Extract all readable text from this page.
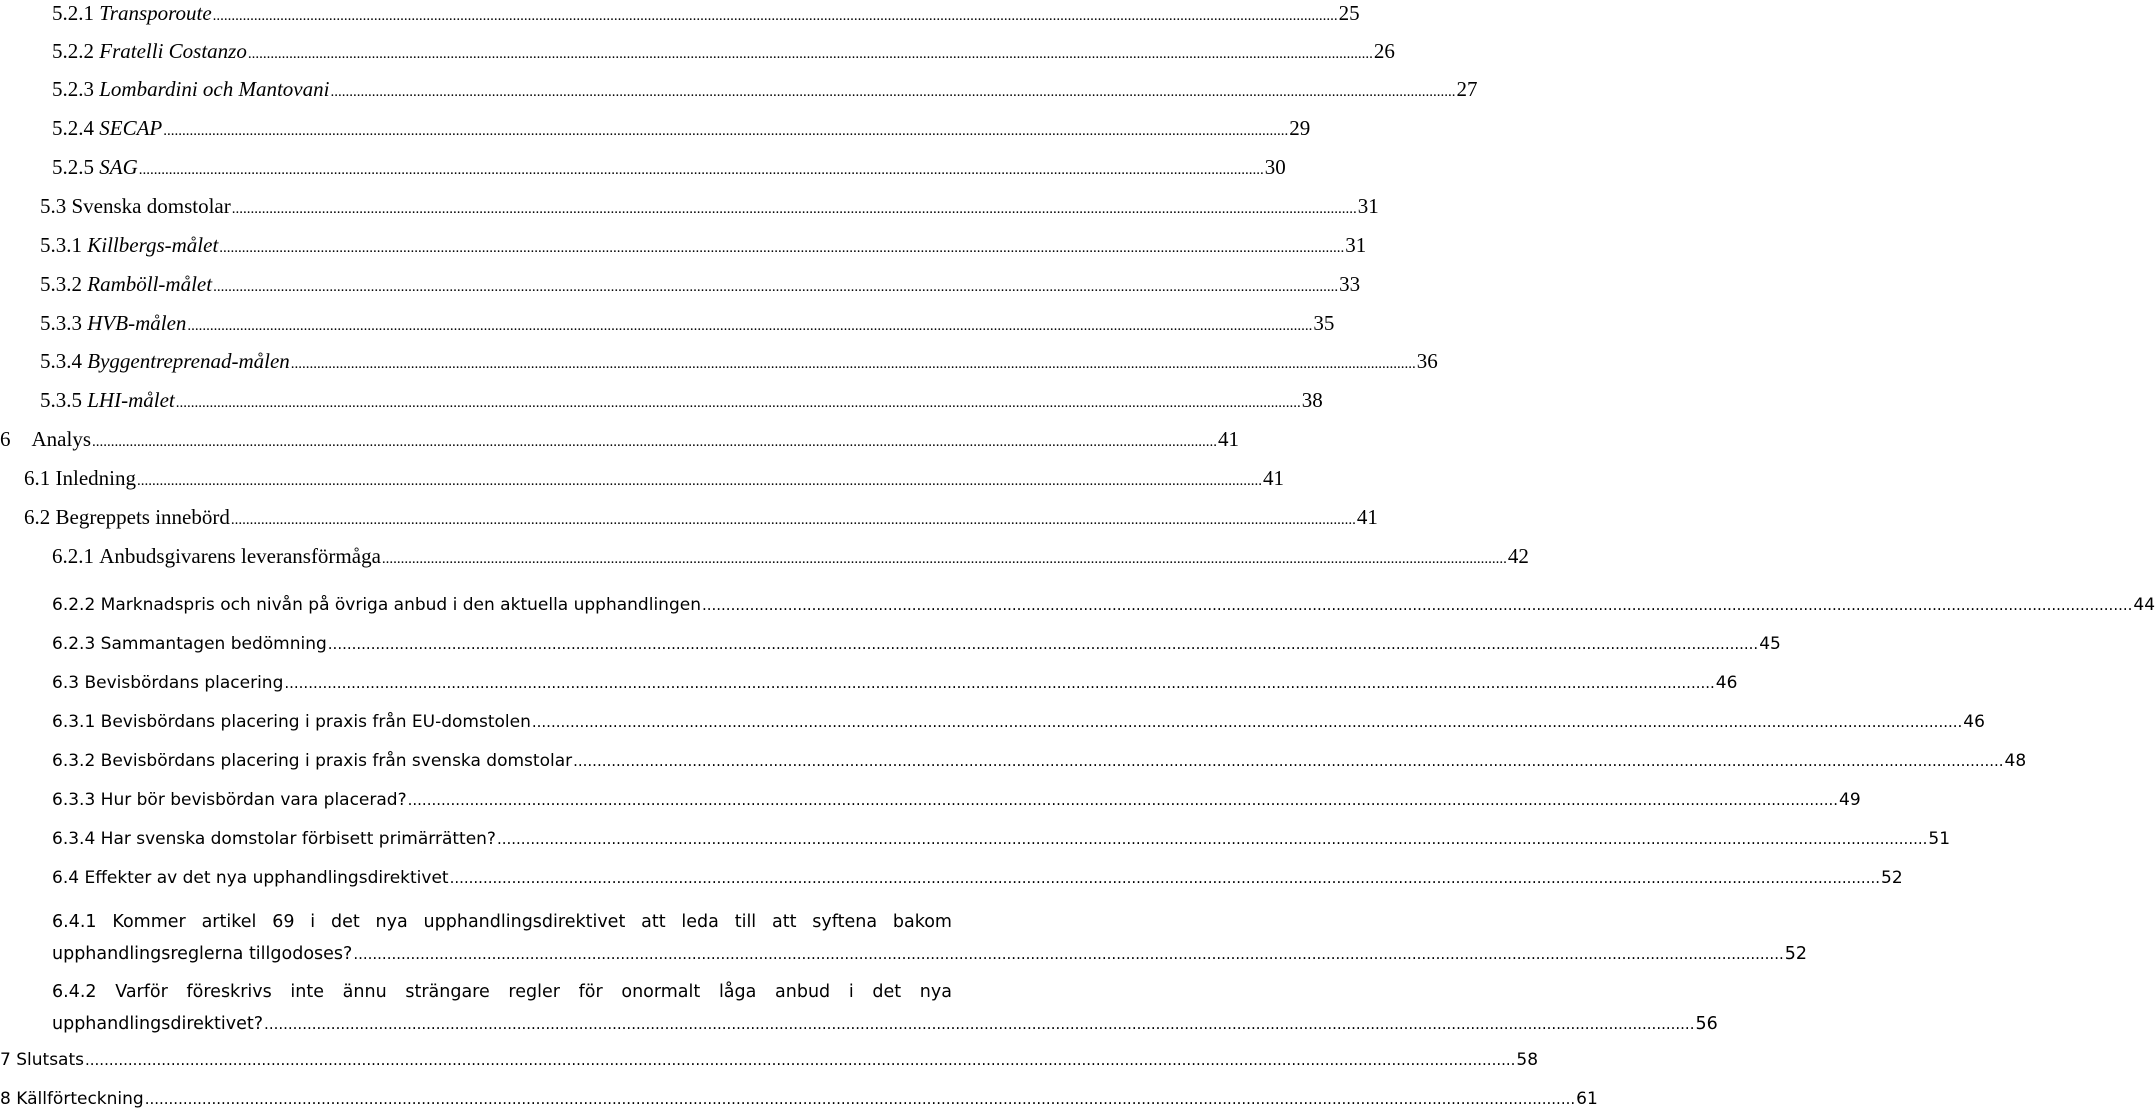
5.2.1 Transporoute ............................................................................................................................................................................................................................................................................................................ 25
5.2.2 Fratelli Costanzo ............................................................................................................................................................................................................................................................................................................ 26
5.2.3 Lombardini och Mantovani ............................................................................................................................................................................................................................................................................................................ 27
5.2.4 SECAP ............................................................................................................................................................................................................................................................................................................ 29
5.2.5 SAG ............................................................................................................................................................................................................................................................................................................ 30
5.3 Svenska domstolar ............................................................................................................................................................................................................................................................................................................ 31
5.3.1 Killbergs-målet ............................................................................................................................................................................................................................................................................................................ 31
5.3.2 Ramböll-målet ............................................................................................................................................................................................................................................................................................................ 33
5.3.3 HVB-målen ............................................................................................................................................................................................................................................................................................................ 35
5.3.4 Byggentreprenad-målen ............................................................................................................................................................................................................................................................................................................ 36
5.3.5 LHI-målet ............................................................................................................................................................................................................................................................................................................ 38
6 Analys ............................................................................................................................................................................................................................................................................................................ 41
6.1 Inledning ............................................................................................................................................................................................................................................................................................................ 41
6.2 Begreppets innebörd ............................................................................................................................................................................................................................................................................................................ 41
6.2.1 Anbudsgivarens leveransförmåga ............................................................................................................................................................................................................................................................................................................ 42
6.2.2 Marknadspris och nivån på övriga anbud i den aktuella upphandlingen ............................................................................................................................................................................................................................................................................................................ 44
6.2.3 Sammantagen bedömning ............................................................................................................................................................................................................................................................................................................ 45
6.3 Bevisbördans placering ............................................................................................................................................................................................................................................................................................................ 46
6.3.1 Bevisbördans placering i praxis från EU-domstolen ............................................................................................................................................................................................................................................................................................................ 46
6.3.2 Bevisbördans placering i praxis från svenska domstolar ............................................................................................................................................................................................................................................................................................................ 48
6.3.3 Hur bör bevisbördan vara placerad? ............................................................................................................................................................................................................................................................................................................ 49
6.3.4 Har svenska domstolar förbisett primärrätten? ............................................................................................................................................................................................................................................................................................................ 51
6.4 Effekter av det nya upphandlingsdirektivet ............................................................................................................................................................................................................................................................................................................ 52
6.4.1 Kommer artikel 69 i det nya upphandlingsdirektivet att leda till att syftena bakom
upphandlingsreglerna tillgodoses? ............................................................................................................................................................................................................................................................................................................ 52
6.4.2 Varför föreskrivs inte ännu strängare regler för onormalt låga anbud i det nya
upphandlingsdirektivet? ............................................................................................................................................................................................................................................................................................................ 56
7 Slutsats ............................................................................................................................................................................................................................................................................................................ 58
8 Källförteckning ............................................................................................................................................................................................................................................................................................................ 61
